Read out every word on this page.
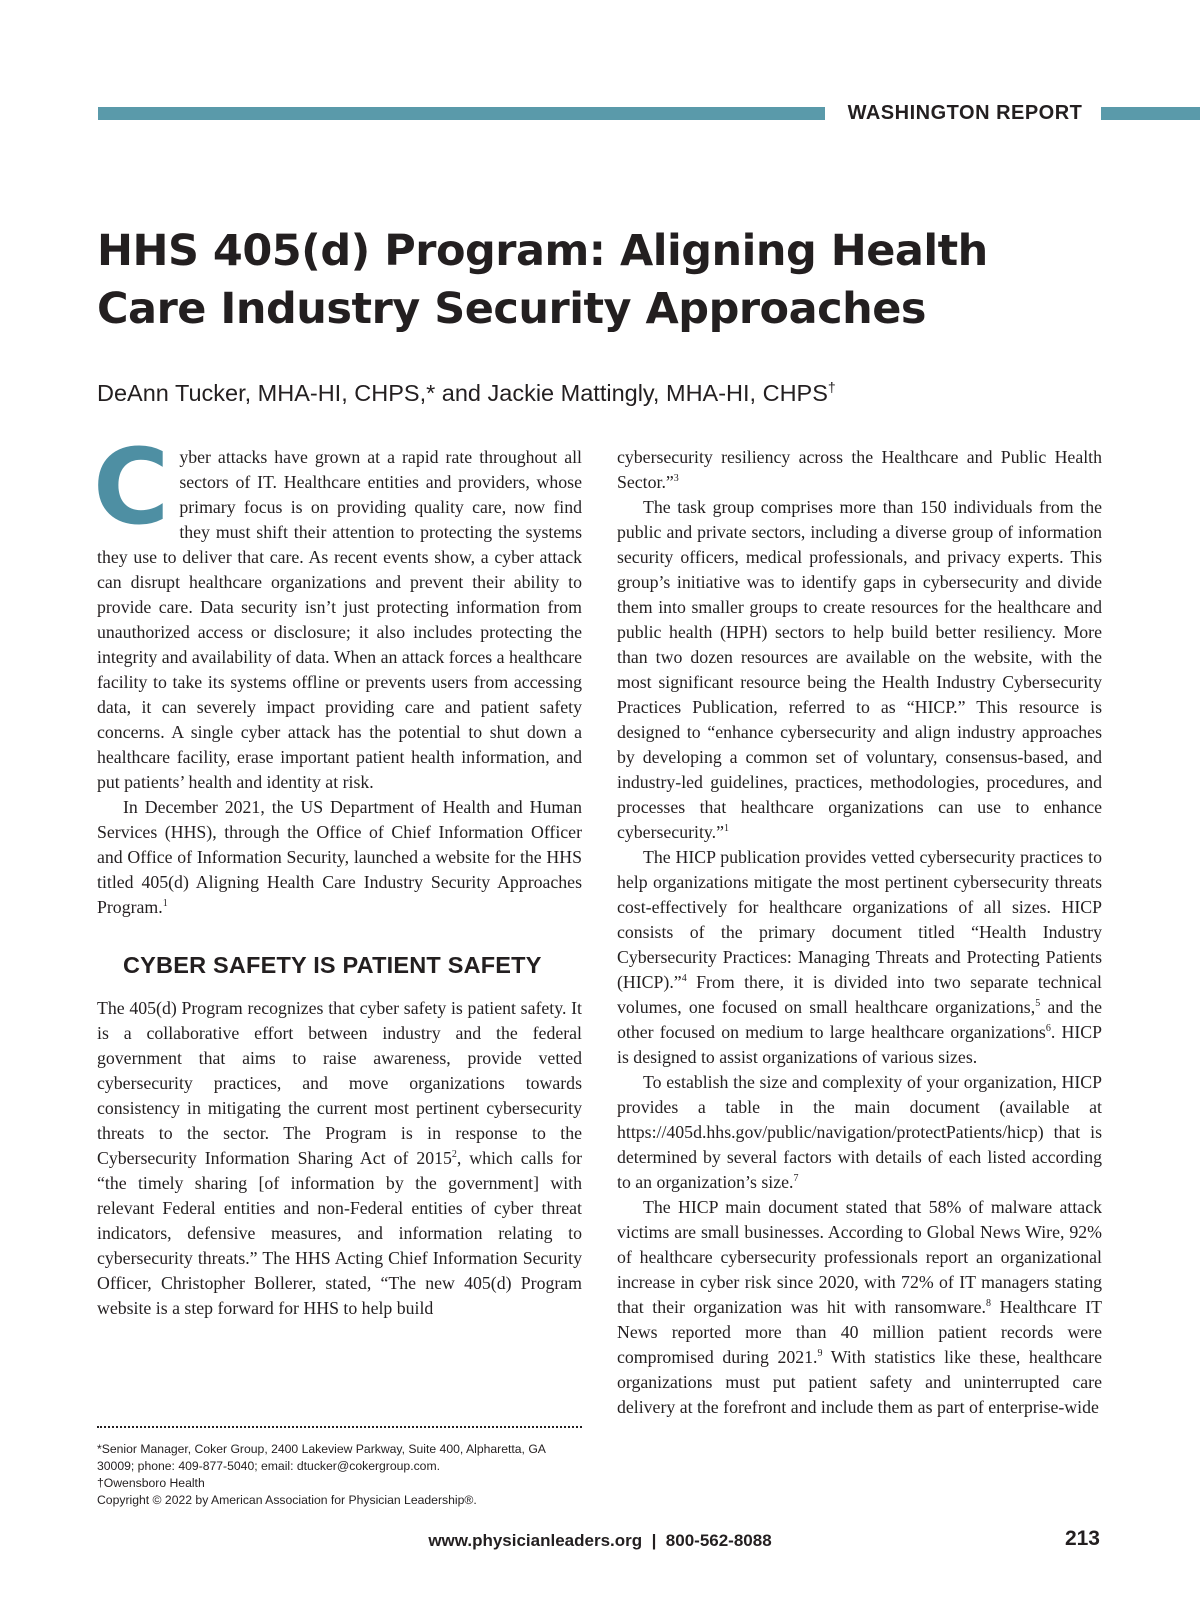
WASHINGTON REPORT
HHS 405(d) Program: Aligning Health Care Industry Security Approaches
DeAnn Tucker, MHA-HI, CHPS,* and Jackie Mattingly, MHA-HI, CHPS†

Cyber attacks have grown at a rapid rate throughout all sectors of IT. Healthcare entities and providers, whose primary focus is on providing quality care, now find they must shift their attention to protecting the systems they use to deliver that care. As recent events show, a cyber attack can disrupt healthcare organizations and prevent their ability to provide care. Data security isn’t just protecting information from unauthorized access or disclosure; it also includes protecting the integrity and availability of data. When an attack forces a healthcare facility to take its systems offline or prevents users from accessing data, it can severely impact providing care and patient safety concerns. A single cyber attack has the potential to shut down a healthcare facility, erase important patient health information, and put patients’ health and identity at risk.

In December 2021, the US Department of Health and Human Services (HHS), through the Office of Chief Information Officer and Office of Information Security, launched a website for the HHS titled 405(d) Aligning Health Care Industry Security Approaches Program.$^1$

CYBER SAFETY IS PATIENT SAFETY

The 405(d) Program recognizes that cyber safety is patient safety. It is a collaborative effort between industry and the federal government that aims to raise awareness, provide vetted cybersecurity practices, and move organizations towards consistency in mitigating the current most pertinent cybersecurity threats to the sector. The Program is in response to the Cybersecurity Information Sharing Act of 2015$^2$, which calls for “the timely sharing [of information by the government] with relevant Federal entities and non-Federal entities of cyber threat indicators, defensive measures, and information relating to cybersecurity threats.” The HHS Acting Chief Information Security Officer, Christopher Bollerer, stated, “The new 405(d) Program website is a step forward for HHS to help build

cybersecurity resiliency across the Healthcare and Public Health Sector.”$^3$

The task group comprises more than 150 individuals from the public and private sectors, including a diverse group of information security officers, medical professionals, and privacy experts. This group’s initiative was to identify gaps in cybersecurity and divide them into smaller groups to create resources for the healthcare and public health (HPH) sectors to help build better resiliency. More than two dozen resources are available on the website, with the most significant resource being the Health Industry Cybersecurity Practices Publication, referred to as “HICP.” This resource is designed to “enhance cybersecurity and align industry approaches by developing a common set of voluntary, consensus-based, and industry-led guidelines, practices, methodologies, procedures, and processes that healthcare organizations can use to enhance cybersecurity.”$^1$

The HICP publication provides vetted cybersecurity practices to help organizations mitigate the most pertinent cybersecurity threats cost-effectively for healthcare organizations of all sizes. HICP consists of the primary document titled “Health Industry Cybersecurity Practices: Managing Threats and Protecting Patients (HICP).”$^4$ From there, it is divided into two separate technical volumes, one focused on small healthcare organizations,$^5$ and the other focused on medium to large healthcare organizations$^6$. HICP is designed to assist organizations of various sizes.

To establish the size and complexity of your organization, HICP provides a table in the main document (available at https://405d.hhs.gov/public/navigation/protectPatients/hicp) that is determined by several factors with details of each listed according to an organization’s size.$^7$

The HICP main document stated that 58% of malware attack victims are small businesses. According to Global News Wire, 92% of healthcare cybersecurity professionals report an organizational increase in cyber risk since 2020, with 72% of IT managers stating that their organization was hit with ransomware.$^8$ Healthcare IT News reported more than 40 million patient records were compromised during 2021.$^9$ With statistics like these, healthcare organizations must put patient safety and uninterrupted care delivery at the forefront and include them as part of enterprise-wide

*Senior Manager, Coker Group, 2400 Lakeview Parkway, Suite 400, Alpharetta, GA 30009; phone: 409-877-5040; email: dtucker@cokergroup.com.
†Owensboro Health
Copyright © 2022 by American Association for Physician Leadership®.
www.physicianleaders.org  |  800-562-8088	213
